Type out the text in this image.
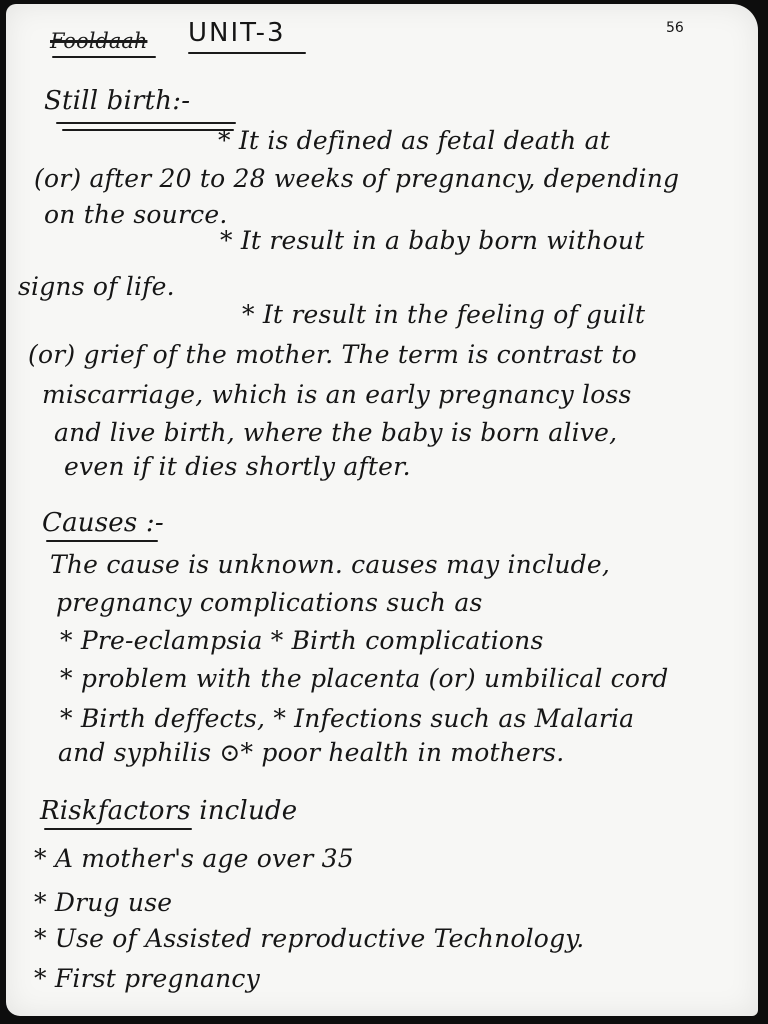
Fooldaah UNIT-3	56
Still birth:-
* It is defined as fetal death at
(or) after 20 to 28 weeks of pregnancy, depending
on the source.
* It result in a baby born without
signs of life.
* It result in the feeling of guilt
(or) grief of the mother. The term is contrast to
miscarriage, which is an early pregnancy loss
and live birth, where the baby is born alive,
even if it dies shortly after.
Causes :-
The cause is unknown. causes may include,
pregnancy complications such as
* Pre-eclampsia * Birth complications
* problem with the placenta (or) umbilical cord
* Birth deffects, * Infections such as Malaria
and syphilis ⊙* poor health in mothers.
Riskfactors include
* A mother's age over 35
* Drug use
* Use of Assisted reproductive Technology.
* First pregnancy
